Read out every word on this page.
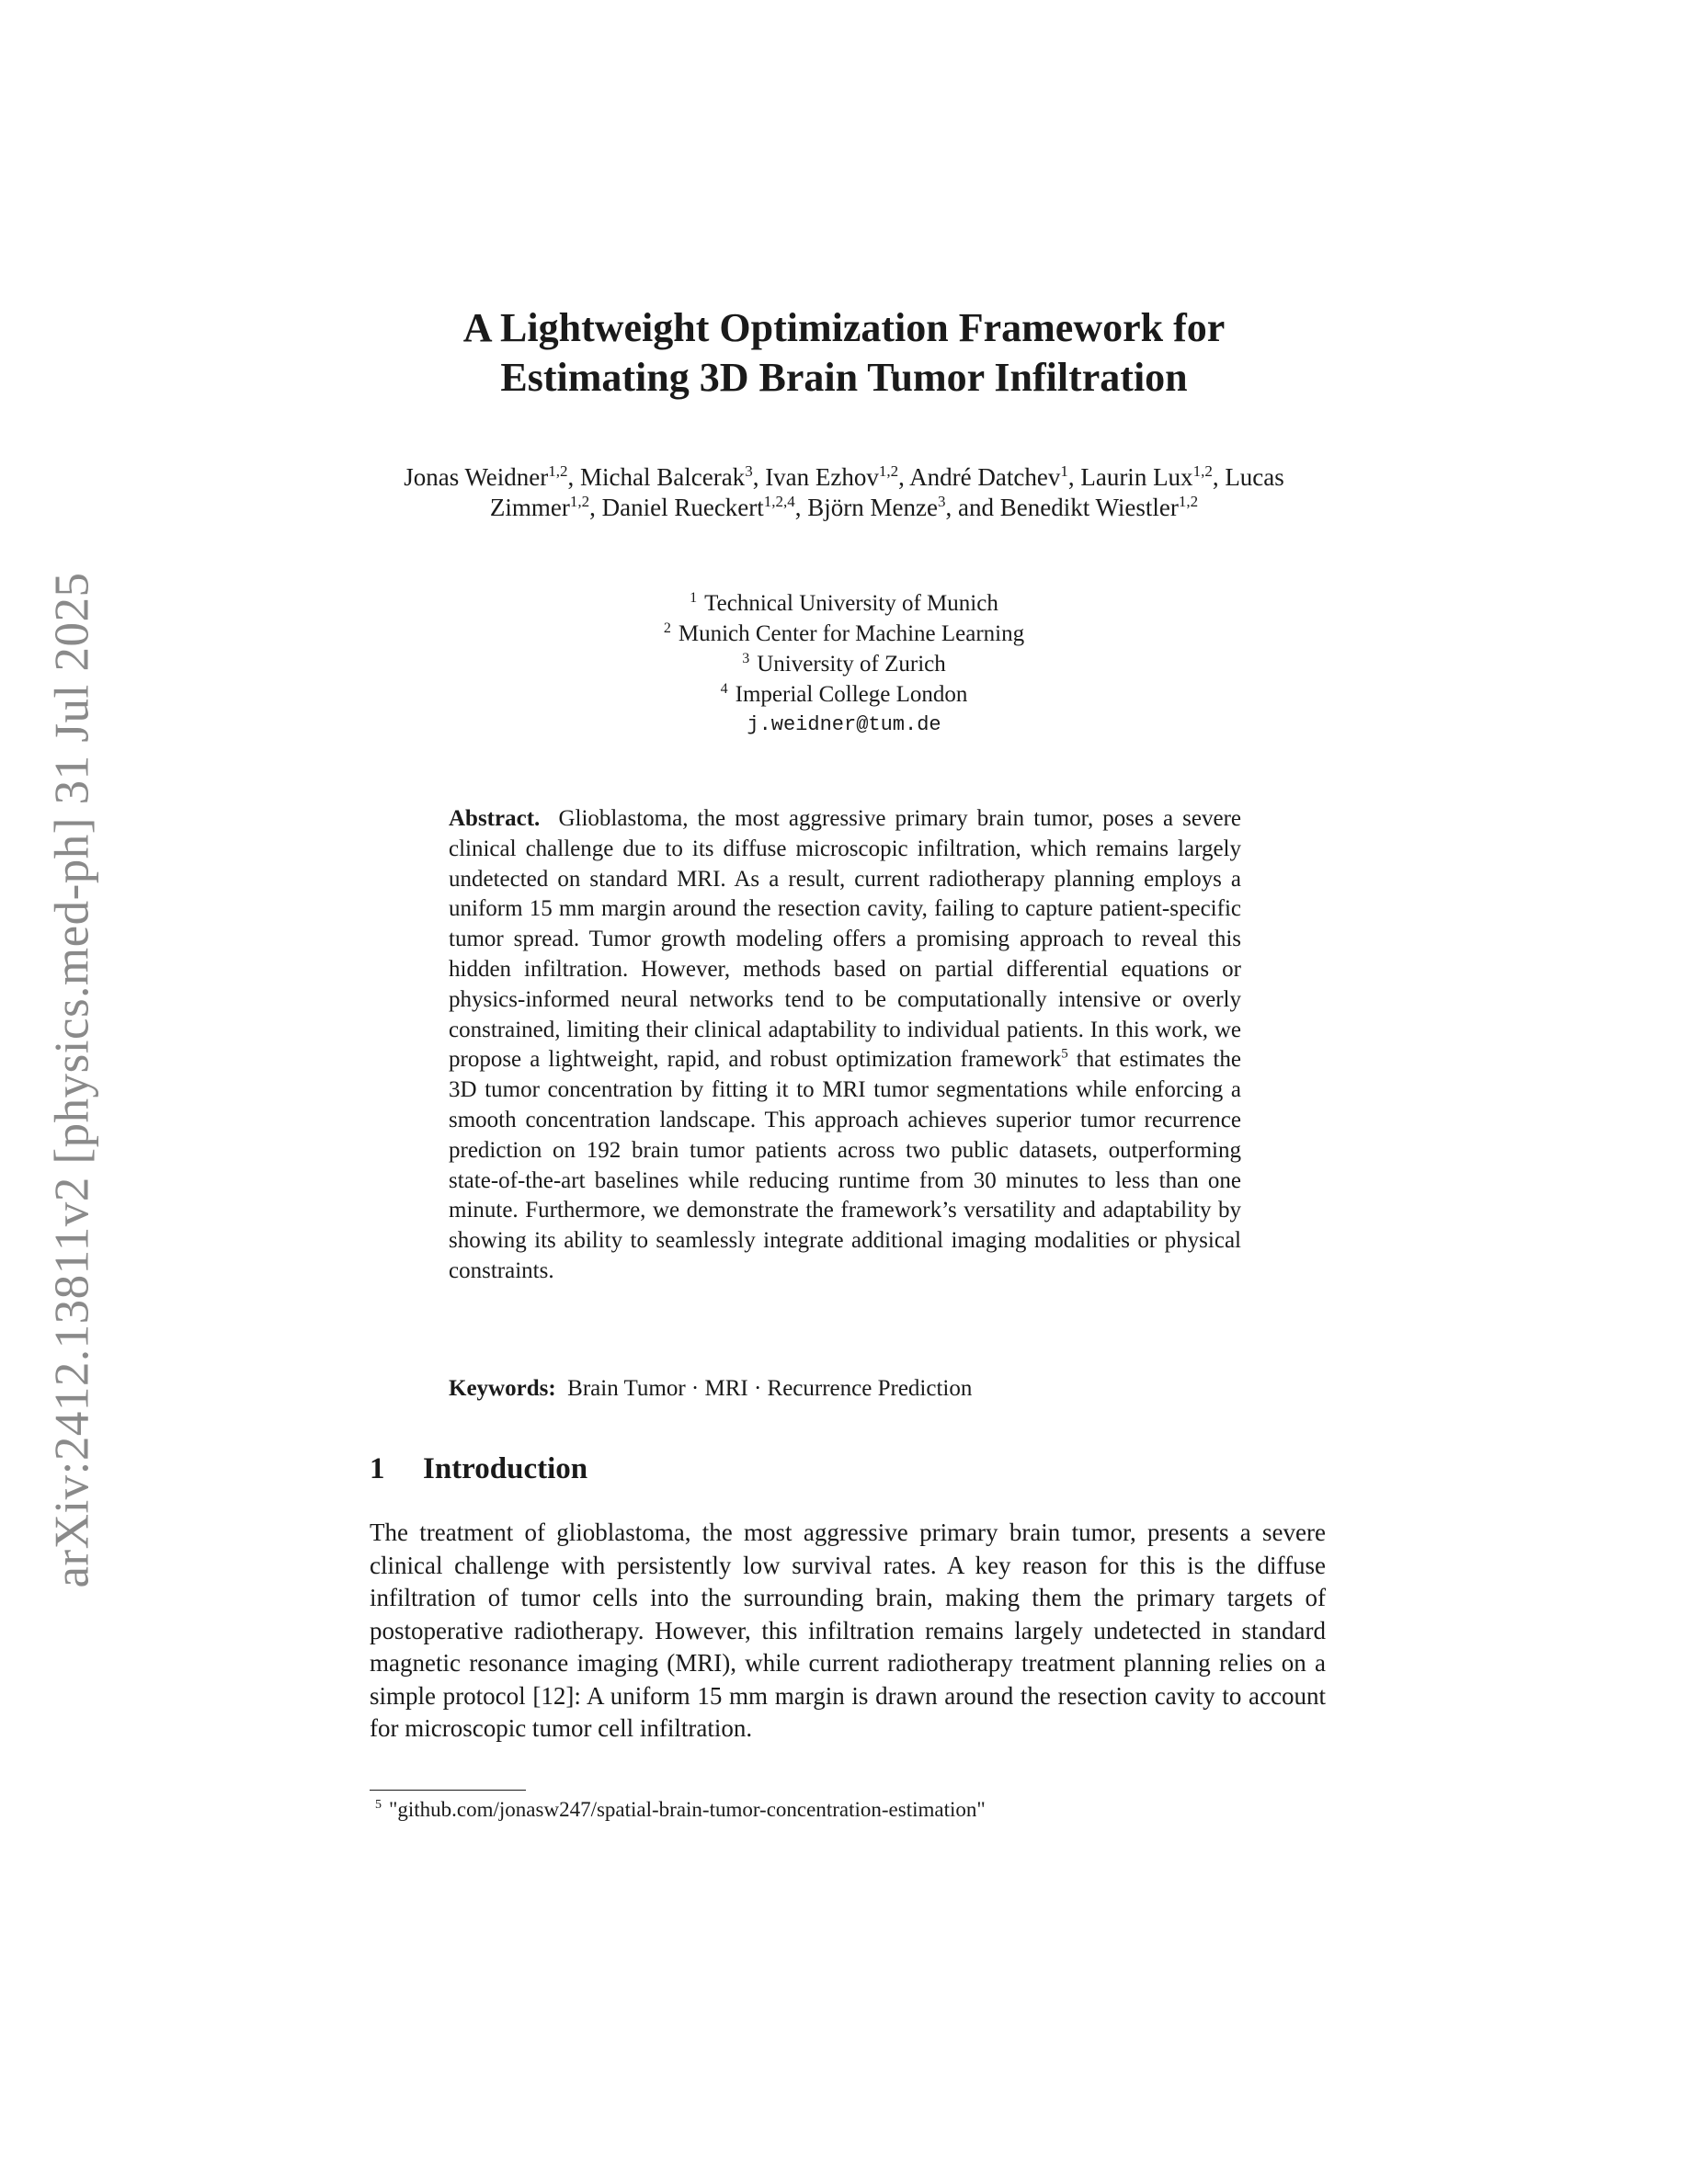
arXiv:2412.13811v2 [physics.med-ph] 31 Jul 2025
A Lightweight Optimization Framework for
Estimating 3D Brain Tumor Infiltration
Jonas Weidner$^{1,2}$, Michal Balcerak$^3$, Ivan Ezhov$^{1,2}$, André Datchev$^1$, Laurin Lux$^{1,2}$, Lucas Zimmer$^{1,2}$, Daniel Rueckert$^{1,2,4}$, Björn Menze$^3$, and Benedikt Wiestler$^{1,2}$
$^1$ Technical University of Munich
$^2$ Munich Center for Machine Learning
$^3$ University of Zurich
$^4$ Imperial College London
j.weidner@tum.de
Abstract. Glioblastoma, the most aggressive primary brain tumor, poses a severe clinical challenge due to its diffuse microscopic infiltration, which remains largely undetected on standard MRI. As a result, current radiotherapy planning employs a uniform 15 mm margin around the resection cavity, failing to capture patient-specific tumor spread. Tumor growth modeling offers a promising approach to reveal this hidden infiltration. However, methods based on partial differential equations or physics-informed neural networks tend to be computationally intensive or overly constrained, limiting their clinical adaptability to individual patients. In this work, we propose a lightweight, rapid, and robust optimization framework$^5$ that estimates the 3D tumor concentration by fitting it to MRI tumor segmentations while enforcing a smooth concentration landscape. This approach achieves superior tumor recurrence prediction on 192 brain tumor patients across two public datasets, outperforming state-of-the-art baselines while reducing runtime from 30 minutes to less than one minute. Furthermore, we demonstrate the framework’s versatility and adaptability by showing its ability to seamlessly integrate additional imaging modalities or physical constraints.
Keywords: Brain Tumor · MRI · Recurrence Prediction
1 Introduction
The treatment of glioblastoma, the most aggressive primary brain tumor, presents a severe clinical challenge with persistently low survival rates. A key reason for this is the diffuse infiltration of tumor cells into the surrounding brain, making them the primary targets of postoperative radiotherapy. However, this infiltration remains largely undetected in standard magnetic resonance imaging (MRI), while current radiotherapy treatment planning relies on a simple protocol [12]: A uniform 15 mm margin is drawn around the resection cavity to account for microscopic tumor cell infiltration.
$^5$ "github.com/jonasw247/spatial-brain-tumor-concentration-estimation"
